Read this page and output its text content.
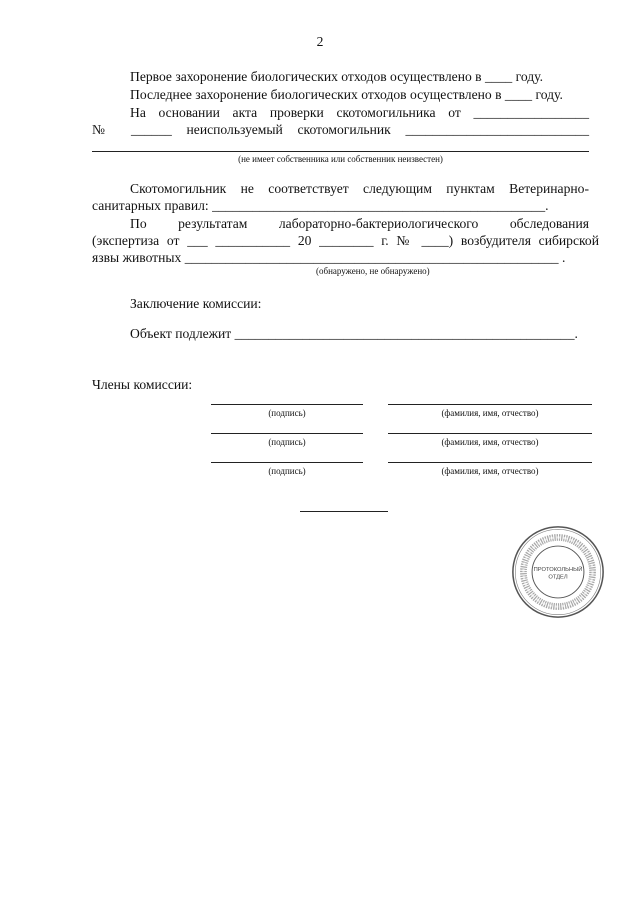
2
Первое захоронение биологических отходов осуществлено в ____ году.
Последнее захоронение биологических отходов осуществлено в ____ году.
На основании акта проверки скотомогильника от _________________
№ ______ неиспользуемый скотомогильник ___________________________
(не имеет собственника или собственник неизвестен)
Скотомогильник не соответствует следующим пунктам Ветеринарно-
санитарных правил: _________________________________________________.
По результатам лабораторно-бактериологического обследования
(экспертиза от ___ ___________ 20 ________ г. № ____) возбудителя сибирской
язвы животных _______________________________________________________ .
(обнаружено, не обнаружено)
Заключение комиссии:
Объект подлежит __________________________________________________.
Члены комиссии:
(подпись)	(фамилия, имя, отчество)
(подпись)	(фамилия, имя, отчество)
(подпись)	(фамилия, имя, отчество)
ПРОТОКОЛЬНЫЙ
ОТДЕЛ
